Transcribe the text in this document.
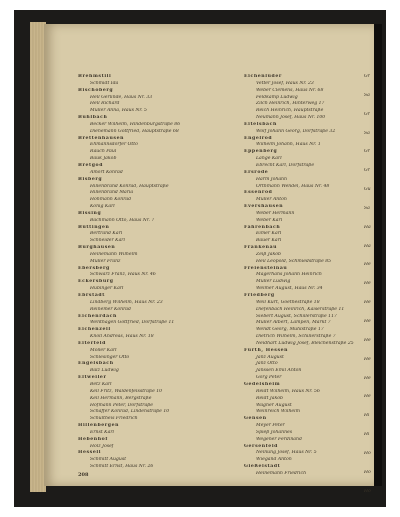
Brehmstill
Schmidt Ida
Bischoberg
Hell Gerlinde, Haus Nr. 33
Hell Richard
Müller Anna, Haus Nr. 5
Buhlbach
Becker Wilhelm, Hindenburgstraße 86
Dienemann Gottfried, Hauptstraße 68
Brettenhausen
Ehmannsdörfer Otto
Rauch Paul
Bauk Jakob
Bretgod
Amort Konrad
Bisberg
Hillenbrand Konrad, Hauptstraße
Hillenbrand Maria
Hohmann Konrad
König Karl
Bissing
Bachmann Otto, Haus Nr. 7
Büttingen
Bertrand Karl
Schneider Karl
Burghausen
Heinemann Wilhelm
Müller Franz
Ebersberg
Schwarz Franz, Haus Nr. 46
Eckersburg
Hübinger Karl
Ebrstadt
Lindberg Wilhelm, Haus Nr. 23
Reinemer Konrad
Eichenrdach
Wenthagen Gottfried, Dorfstraße 11
Eichenzell
Knöll Andreas, Haus Nr. 18
Eiterfeld
Möller Karl
Schlesinger Otto
Engelsbach
Balz Ludwig
Eltweiler
Betz Karl
Kell Fritz, Waldenfelsstraße 10
Kell Hermann, Bergstraße
Hofmann Peter, Dorfstraße
Schäffer Konrad, Lindenstraße 10
Schultheis Friedrich
Hillenbergen
Ernst Karl
Hebenhof
Holz Josef
Hessell
Schmitt August
Schmitt Ernst, Haus Nr. 26
Eichenlüder
Vetter Josef, Haus Nr. 23
Weber Clemens, Haus Nr. 68
Feldkamp Ludwig
Zilch Heinrich, Hinterweg 17
Reich Heinrich, Hauptstraße
Neumann Josef, Haus Nr. 100
Eitelsbach
Wolf Johann Georg, Dorfstraße 32
Engelrod
Wilhelm Johann, Haus Nr. 1
Eppenberg
Lange Karl
Ebrecht Karl, Dorfstraße
Ersrode
Harm Johann
Orthmann Wendel, Haus Nr. 48
Essenrod
Müller Anton
Evershausen
Weber Hermann
Weber Karl
Fahrenbach
Eimer Karl
Bauer Karl
Frankenau
Zeiß Jakob
Heil Leopold, Schmiedstraße 85
Freiensteinau
Magerhans Johann Heinrich
Müller Ludwig
Weimer August, Haus Nr. 34
Friedberg
Weil Kurt, Goethestraße 18
Diefenbach Heinrich, Kaiserstraße 11
Siebert August, Schillerstraße 117
Müller Albert, Lampen, Markt 7
Wendt Georg, Mühlstraße 17
Dietrich Wilhelm, Schillerstraße 7
Neidhart Ludwig Josef, Bleichenstraße 25
Fürth, Hessen
Janz August
Janz Otto
Janssen Emil Anton
Görg Peter
Gedelsheim
Reidt Wilhelm, Haus Nr. 56
Reidt Jakob
Wagner August
Weinreich Wilhelm
Gensen
Meyer Peter
Spieß Johannes
Wegener Ferdinand
Gersenfeld
Neinung Josef, Haus Nr. 5
Wiegand Anton
Gießelstadt
Heinemann Friedrich
Gr
Sa
Gr
Sa
Gr
Gr
Gu
Sa
Ha
Ha
He
He
He
He
He
He
He
He
Hi
Hi
Hö
Hö
Ho
208
